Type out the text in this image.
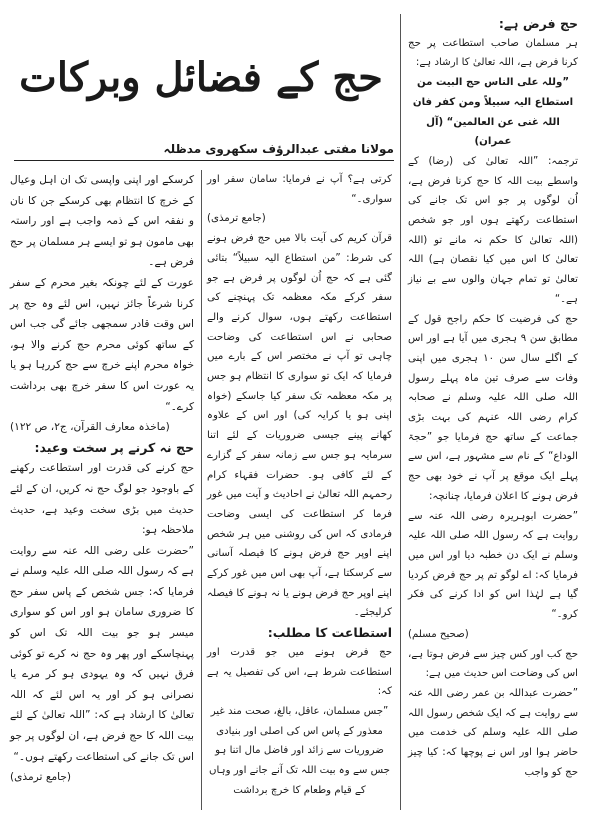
حج کے فضائل وبرکات
مولانا مفتی عبدالرؤف سکھروی مدظلہ

حج فرض ہے:

ہر مسلمان صاحب استطاعت پر حج کرنا فرض ہے، اللہ تعالیٰ کا ارشاد ہے:

”وللہ علی الناس حج البیت من استطاع الیہ سبیلاً ومن کفر فان اللہ غنی عن العالمین“ (آل عمران)

ترجمہ: ”اللہ تعالیٰ کی (رضا) کے واسطے بیت اللہ کا حج کرنا فرض ہے، اُن لوگوں پر جو اس تک جانے کی استطاعت رکھتے ہوں اور جو شخص (اللہ تعالیٰ کا حکم نہ مانے تو (اللہ تعالیٰ کا اس میں کیا نقصان ہے) اللہ تعالیٰ تو تمام جہان والوں سے بے نیاز ہے۔“

حج کی فرضیت کا حکم راجح قول کے مطابق سن ۹ ہجری میں آیا ہے اور اس کے اگلے سال سن ۱۰ ہجری میں اپنی وفات سے صرف تین ماہ پہلے رسول اللہ صلی اللہ علیہ وسلم نے صحابہ کرام رضی اللہ عنہم کی بہت بڑی جماعت کے ساتھ حج فرمایا جو ”حجۃ الوداع“ کے نام سے مشہور ہے، اس سے پہلے ایک موقع پر آپ نے خود بھی حج فرض ہونے کا اعلان فرمایا، چنانچہ:

”حضرت ابوہریرہ رضی اللہ عنہ سے روایت ہے کہ رسول اللہ صلی اللہ علیہ وسلم نے ایک دن خطبہ دیا اور اس میں فرمایا کہ: اے لوگو تم پر حج فرض کردیا گیا ہے لہٰذا اس کو ادا کرنے کی فکر کرو۔“

(صحیح مسلم)

حج کب اور کس چیز سے فرض ہوتا ہے، اس کی وضاحت اس حدیث میں ہے:

”حضرت عبداللہ بن عمر رضی اللہ عنہ سے روایت ہے کہ ایک شخص رسول اللہ صلی اللہ علیہ وسلم کی خدمت میں حاضر ہوا اور اس نے پوچھا کہ: کیا چیز حج کو واجب

کرتی ہے؟ آپ نے فرمایا: سامان سفر اور سواری۔“

(جامع ترمذی)

قرآن کریم کی آیت بالا میں حج فرض ہونے کی شرط: ”من استطاع الیہ سبیلاً“ بتائی گئی ہے کہ حج اُن لوگوں پر فرض ہے جو سفر کرکے مکہ معظمہ تک پہنچنے کی استطاعت رکھتے ہوں، سوال کرنے والے صحابی نے اس استطاعت کی وضاحت چاہی تو آپ نے مختصر اس کے بارے میں فرمایا کہ ایک تو سواری کا انتظام ہو جس پر مکہ معظمہ تک سفر کیا جاسکے (خواہ اپنی ہو یا کرایہ کی) اور اس کے علاوہ کھانے پینے جیسی ضروریات کے لئے اتنا سرمایہ ہو جس سے زمانہ سفر کے گزارے کے لئے کافی ہو۔ حضرات فقہاء کرام رحمہم اللہ تعالیٰ نے احادیث و آیت میں غور فرما کر استطاعت کی ایسی وضاحت فرمادی کہ اس کی روشنی میں ہر شخص اپنے اوپر حج فرض ہونے کا فیصلہ آسانی سے کرسکتا ہے، آپ بھی اس میں غور کرکے اپنے اوپر حج فرض ہونے یا نہ ہونے کا فیصلہ کرلیجئے۔

استطاعت کا مطلب:

حج فرض ہونے میں جو قدرت اور استطاعت شرط ہے، اس کی تفصیل یہ ہے کہ:

”جس مسلمان، عاقل، بالغ، صحت مند غیر معذور کے پاس اس کی اصلی اور بنیادی ضروریات سے زائد اور فاضل مال اتنا ہو جس سے وہ بیت اللہ تک آنے جانے اور وہاں کے قیام وطعام کا خرچ برداشت

کرسکے اور اپنی واپسی تک ان اہل وعیال کے خرچ کا انتظام بھی کرسکے جن کا نان و نفقہ اس کے ذمہ واجب ہے اور راستہ بھی مامون ہو تو ایسے ہر مسلمان پر حج فرض ہے۔

عورت کے لئے چونکہ بغیر محرم کے سفر کرنا شرعاً جائز نہیں، اس لئے وہ حج پر اس وقت قادر سمجھی جائے گی جب اس کے ساتھ کوئی محرم حج کرنے والا ہو، خواہ محرم اپنے خرچ سے حج کررہا ہو یا یہ عورت اس کا سفر خرچ بھی برداشت کرے۔“

(ماخذہ معارف القرآن، ج۲، ص ۱۲۲)

حج نہ کرنے پر سخت وعید:

حج کرنے کی قدرت اور استطاعت رکھنے کے باوجود جو لوگ حج نہ کریں، ان کے لئے حدیث میں بڑی سخت وعید ہے، حدیث ملاحظہ ہو:

”حضرت علی رضی اللہ عنہ سے روایت ہے کہ رسول اللہ صلی اللہ علیہ وسلم نے فرمایا کہ: جس شخص کے پاس سفر حج کا ضروری سامان ہو اور اس کو سواری میسر ہو جو بیت اللہ تک اس کو پہنچاسکے اور پھر وہ حج نہ کرے تو کوئی فرق نہیں کہ وہ یہودی ہو کر مرے یا نصرانی ہو کر اور یہ اس لئے کہ اللہ تعالیٰ کا ارشاد ہے کہ: ”اللہ تعالیٰ کے لئے بیت اللہ کا حج فرض ہے، ان لوگوں پر جو اس تک جانے کی استطاعت رکھتے ہوں۔“

(جامع ترمذی)
